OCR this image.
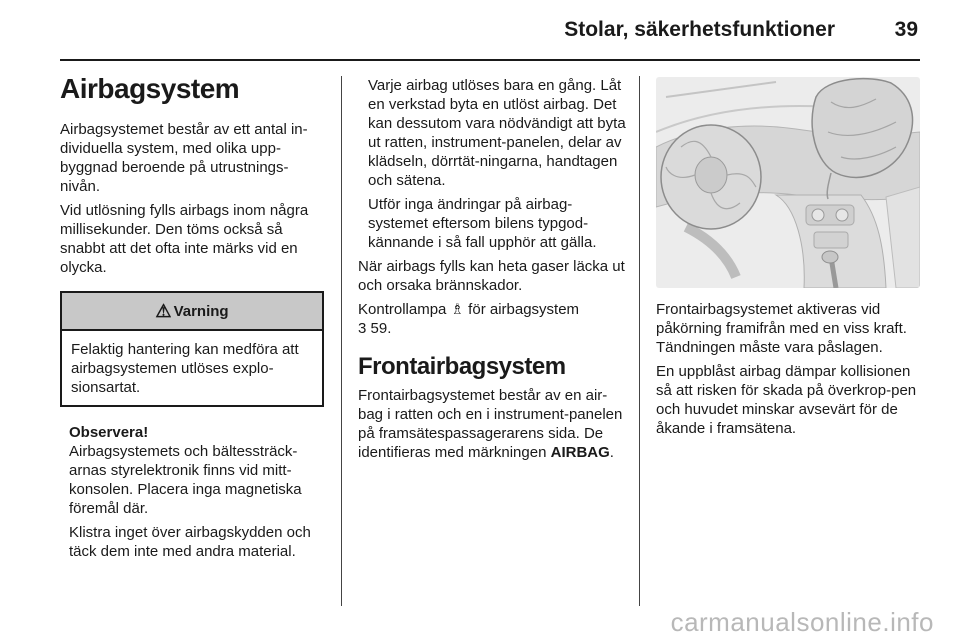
Stolar, säkerhetsfunktioner	39
Airbagsystem

Airbagsystemet består av ett antal in-dividuella system, med olika upp-byggnad beroende på utrustnings-nivån.

Vid utlösning fylls airbags inom några millisekunder. Den töms också så snabbt att det ofta inte märks vid en olycka.

⚠ Varning
Felaktig hantering kan medföra att airbagsystemen utlöses explo-sionsartat.
Observera!

Airbagsystemets och bältessträck-arnas styrelektronik finns vid mitt-konsolen. Placera inga magnetiska föremål där.

Klistra inget över airbagskydden och täck dem inte med andra material.

Varje airbag utlöses bara en gång. Låt en verkstad byta en utlöst airbag. Det kan dessutom vara nödvändigt att byta ut ratten, instrument-panelen, delar av klädseln, dörrtät-ningarna, handtagen och sätena.

Utför inga ändringar på airbag-systemet eftersom bilens typgod-kännande i så fall upphör att gälla.

När airbags fylls kan heta gaser läcka ut och orsaka brännskador.

Kontrollampa ♗ för airbagsystem
3 59.

Frontairbagsystem

Frontairbagsystemet består av en air-bag i ratten och en i instrument-panelen på framsätespassagerarens sida. De identifieras med märkningen AIRBAG.

Frontairbagsystemet aktiveras vid påkörning framifrån med en viss kraft. Tändningen måste vara påslagen.

En uppblåst airbag dämpar kollisionen så att risken för skada på överkrop-pen och huvudet minskar avsevärt för de åkande i framsätena.

carmanualsonline.info
